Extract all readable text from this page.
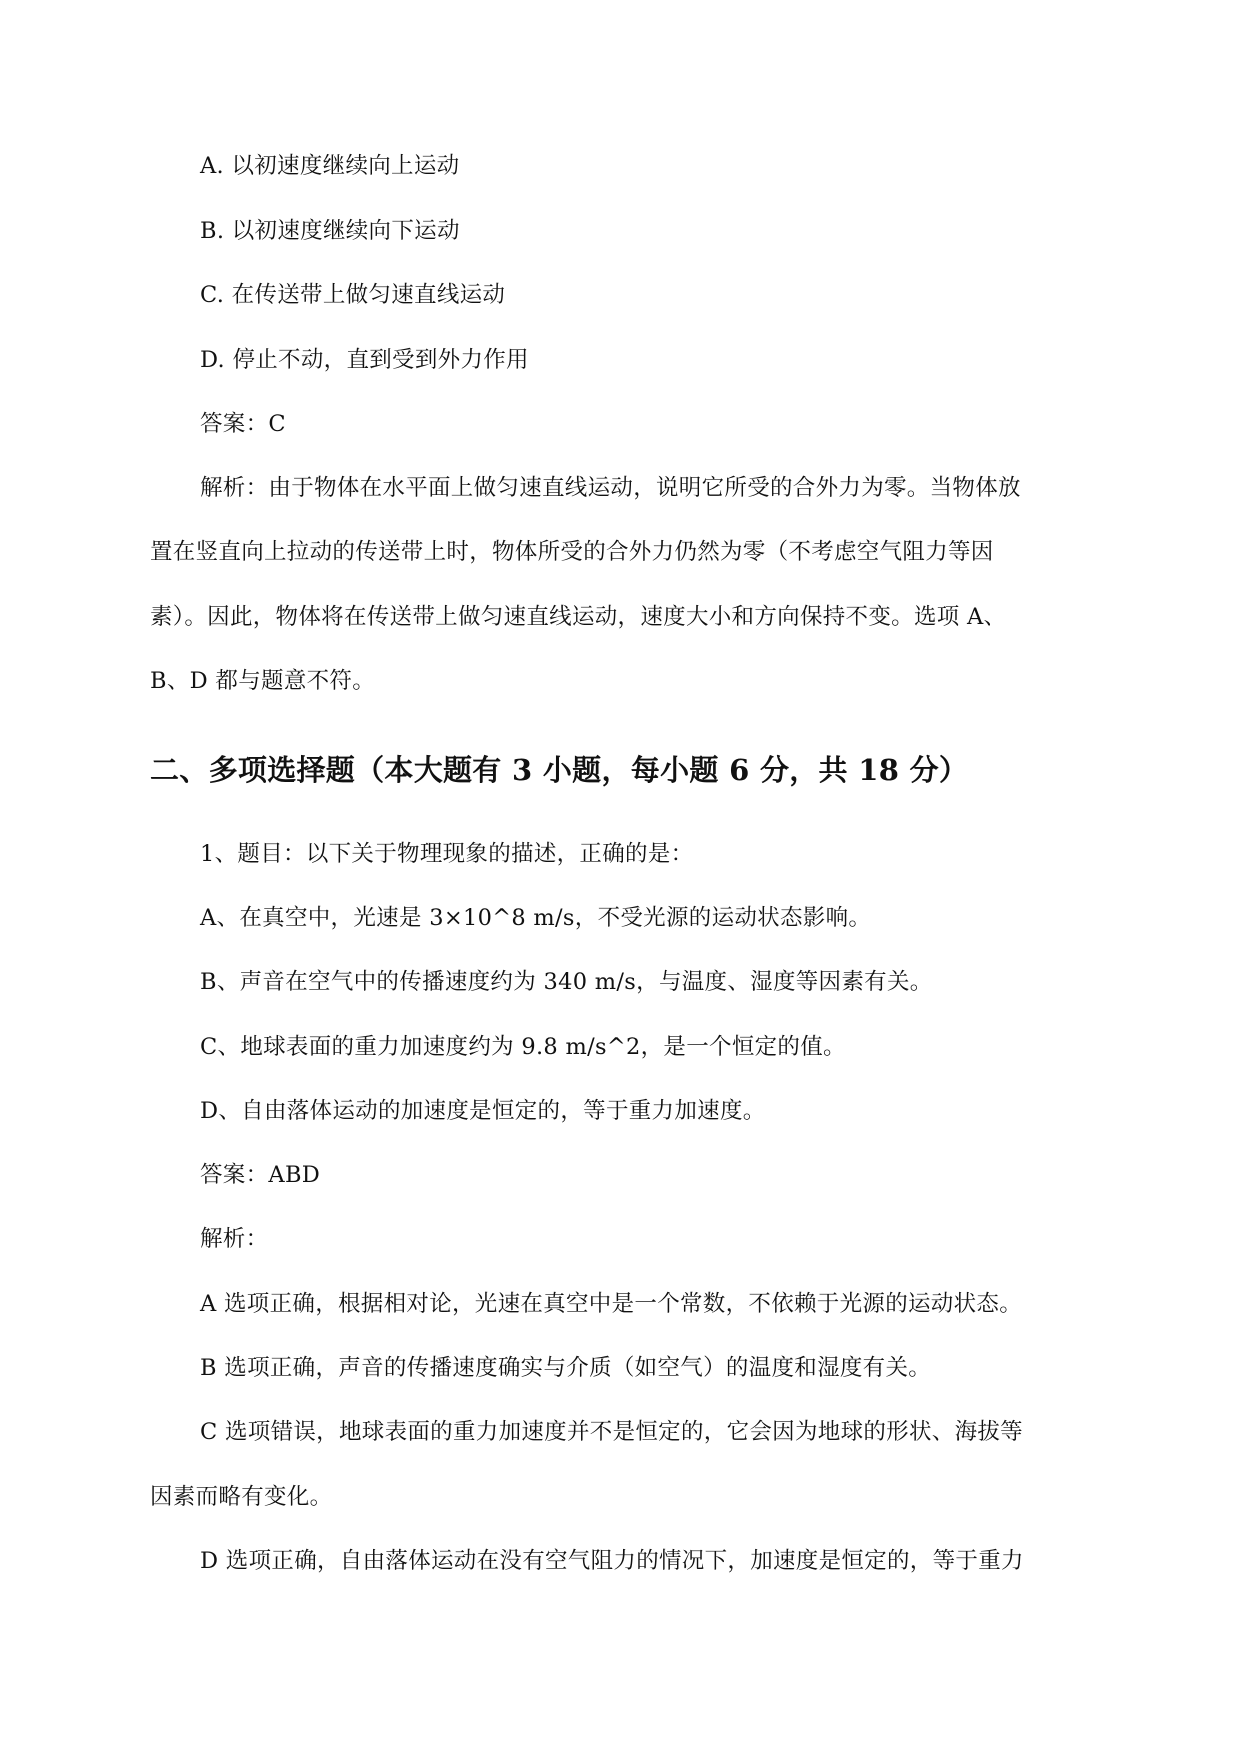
A. 以初速度继续向上运动
B. 以初速度继续向下运动
C. 在传送带上做匀速直线运动
D. 停止不动，直到受到外力作用
答案：C
解析：由于物体在水平面上做匀速直线运动，说明它所受的合外力为零。当物体放
置在竖直向上拉动的传送带上时，物体所受的合外力仍然为零（不考虑空气阻力等因
素）。因此，物体将在传送带上做匀速直线运动，速度大小和方向保持不变。选项 A、
B、D 都与题意不符。
二、多项选择题（本大题有 3 小题，每小题 6 分，共 18 分）
1、题目：以下关于物理现象的描述，正确的是：
A、在真空中，光速是 3×10^8 m/s，不受光源的运动状态影响。
B、声音在空气中的传播速度约为 340 m/s，与温度、湿度等因素有关。
C、地球表面的重力加速度约为 9.8 m/s^2，是一个恒定的值。
D、自由落体运动的加速度是恒定的，等于重力加速度。
答案：ABD
解析：
A 选项正确，根据相对论，光速在真空中是一个常数，不依赖于光源的运动状态。
B 选项正确，声音的传播速度确实与介质（如空气）的温度和湿度有关。
C 选项错误，地球表面的重力加速度并不是恒定的，它会因为地球的形状、海拔等
因素而略有变化。
D 选项正确，自由落体运动在没有空气阻力的情况下，加速度是恒定的，等于重力
